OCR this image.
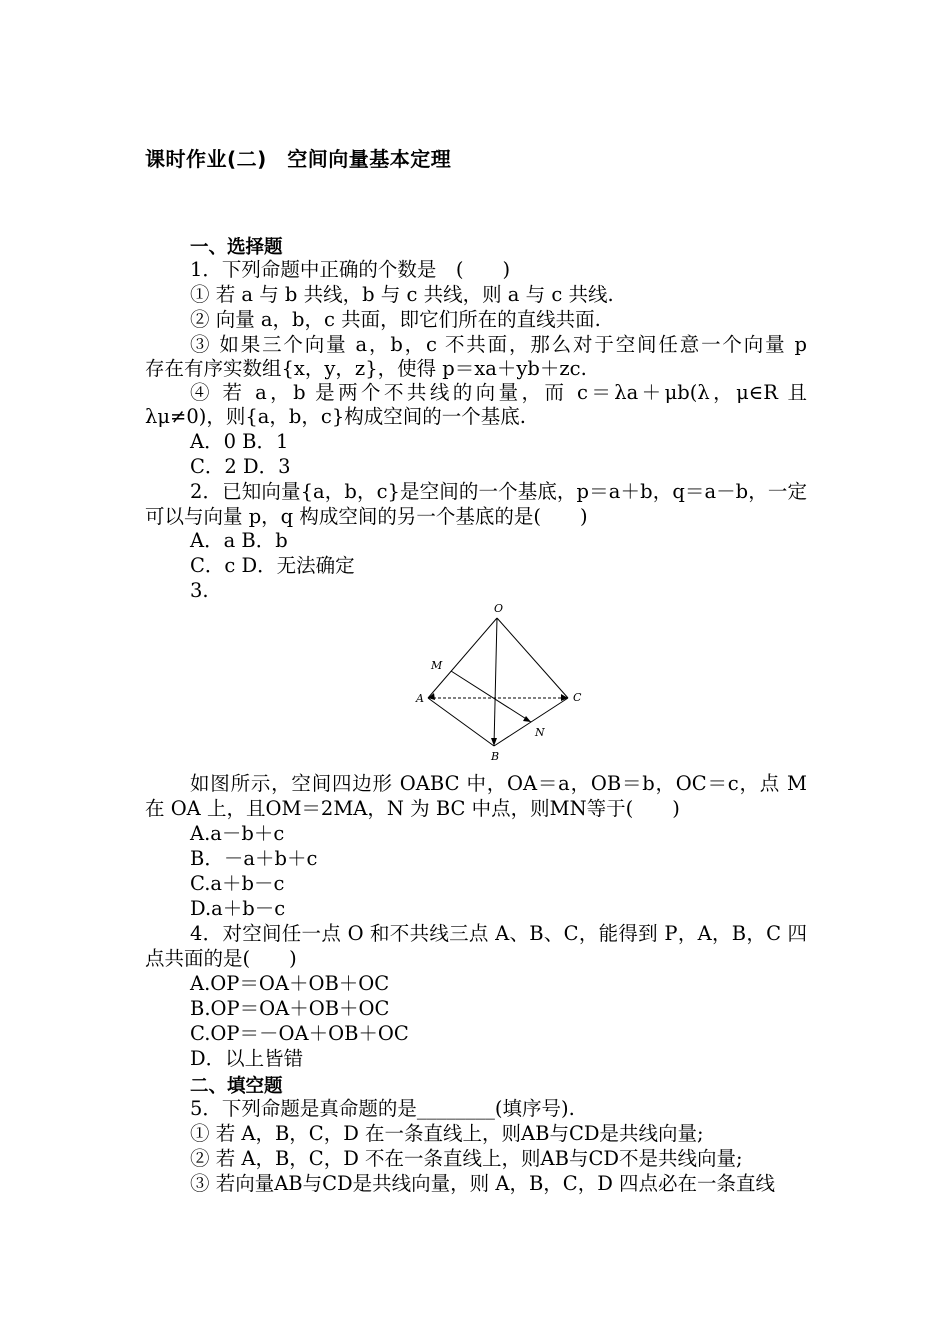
课时作业(二)　空间向量基本定理
一、选择题
1．下列命题中正确的个数是　(　　)
① 若 a 与 b 共线，b 与 c 共线，则 a 与 c 共线.
② 向量 a，b，c 共面，即它们所在的直线共面.
③ 如果三个向量 a，b，c 不共面，那么对于空间任意一个向量 p
存在有序实数组{x，y，z}，使得 p＝xa＋yb＋zc.
④ 若 a，b 是两个不共线的向量，而 c＝λa＋μb(λ，μ∈R 且
λμ≠0)，则{a，b，c}构成空间的一个基底.
A．0 B．1
C．2 D．3
2．已知向量{a，b，c}是空间的一个基底，p＝a＋b，q＝a－b，一定
可以与向量 p，q 构成空间的另一个基底的是(　　)
A．a B．b
C．c D．无法确定
3.
O
A
B
C
M
N
如图所示，空间四边形 OABC 中，OA＝a，OB＝b，OC＝c，点 M
在 OA 上，且OM＝2MA，N 为 BC 中点，则MN等于(　　)
A.a－b＋c
B．－a＋b＋c
C.a＋b－c
D.a＋b－c
4．对空间任一点 O 和不共线三点 A、B、C，能得到 P，A，B，C 四
点共面的是(　　)
A.OP＝OA＋OB＋OC
B.OP＝OA＋OB＋OC
C.OP＝－OA＋OB＋OC
D．以上皆错
二、填空题
5．下列命题是真命题的是________(填序号).
① 若 A，B，C，D 在一条直线上，则AB与CD是共线向量;
② 若 A，B，C，D 不在一条直线上，则AB与CD不是共线向量;
③ 若向量AB与CD是共线向量，则 A，B，C，D 四点必在一条直线
